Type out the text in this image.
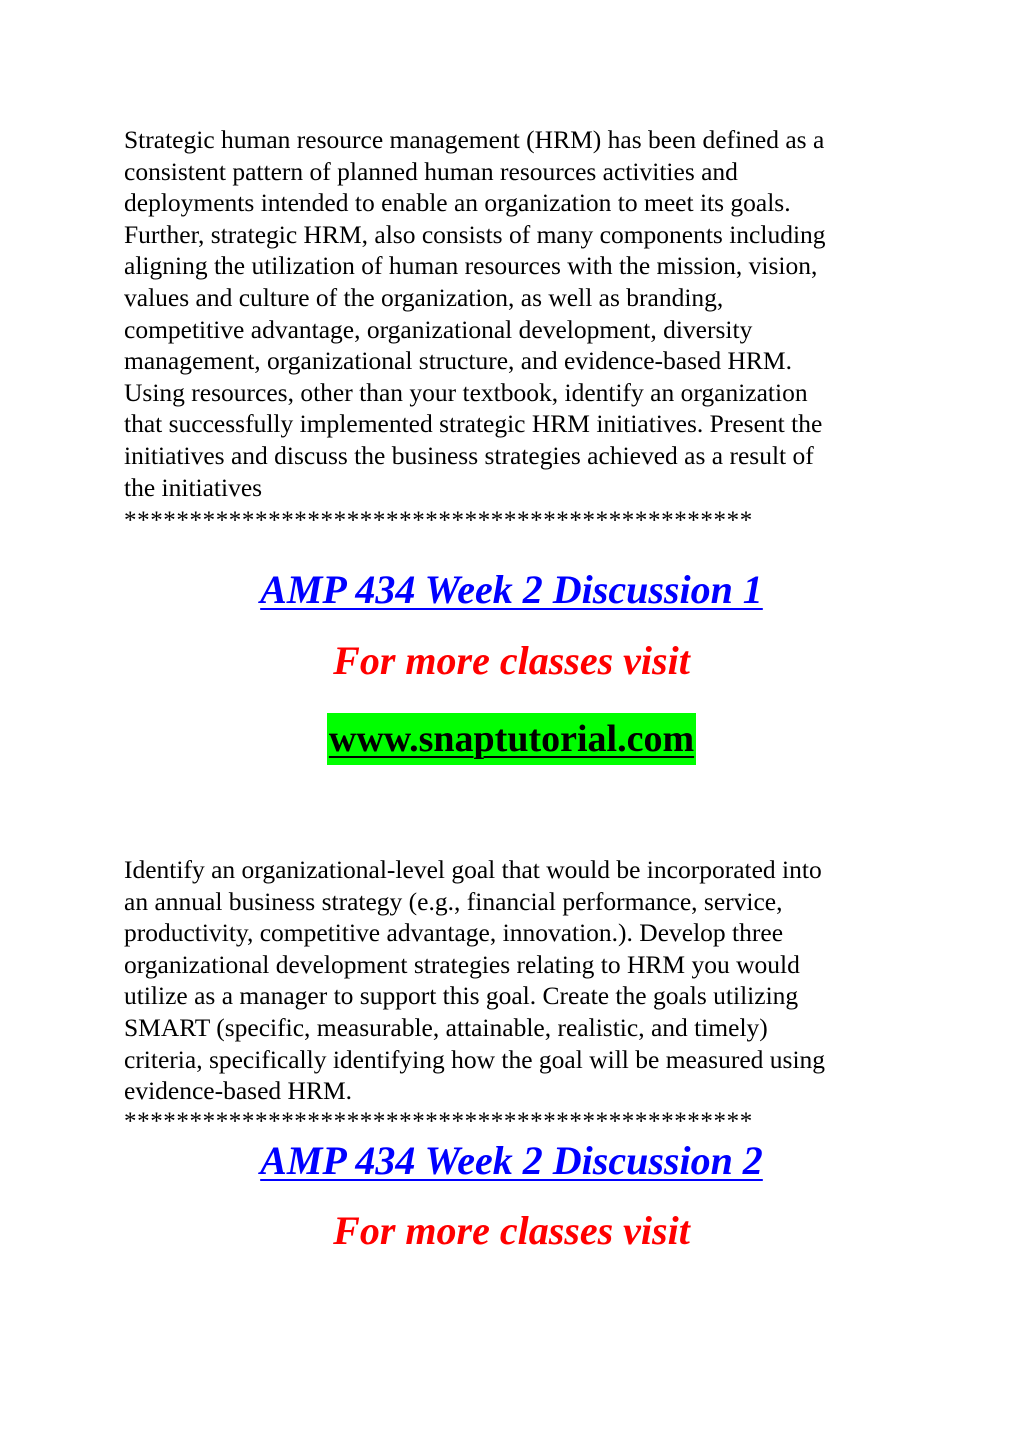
Strategic human resource management (HRM) has been defined as a
consistent pattern of planned human resources activities and
deployments intended to enable an organization to meet its goals.
Further, strategic HRM, also consists of many components including
aligning the utilization of human resources with the mission, vision,
values and culture of the organization, as well as branding,
competitive advantage, organizational development, diversity
management, organizational structure, and evidence-based HRM.
Using resources, other than your textbook, identify an organization
that successfully implemented strategic HRM initiatives. Present the
initiatives and discuss the business strategies achieved as a result of
the initiatives

************************************************
AMP 434 Week 2 Discussion 1
For more classes visit
www.snaptutorial.com

Identify an organizational-level goal that would be incorporated into
an annual business strategy (e.g., financial performance, service,
productivity, competitive advantage, innovation.). Develop three
organizational development strategies relating to HRM you would
utilize as a manager to support this goal. Create the goals utilizing
SMART (specific, measurable, attainable, realistic, and timely)
criteria, specifically identifying how the goal will be measured using
evidence-based HRM.

************************************************
AMP 434 Week 2 Discussion 2
For more classes visit
